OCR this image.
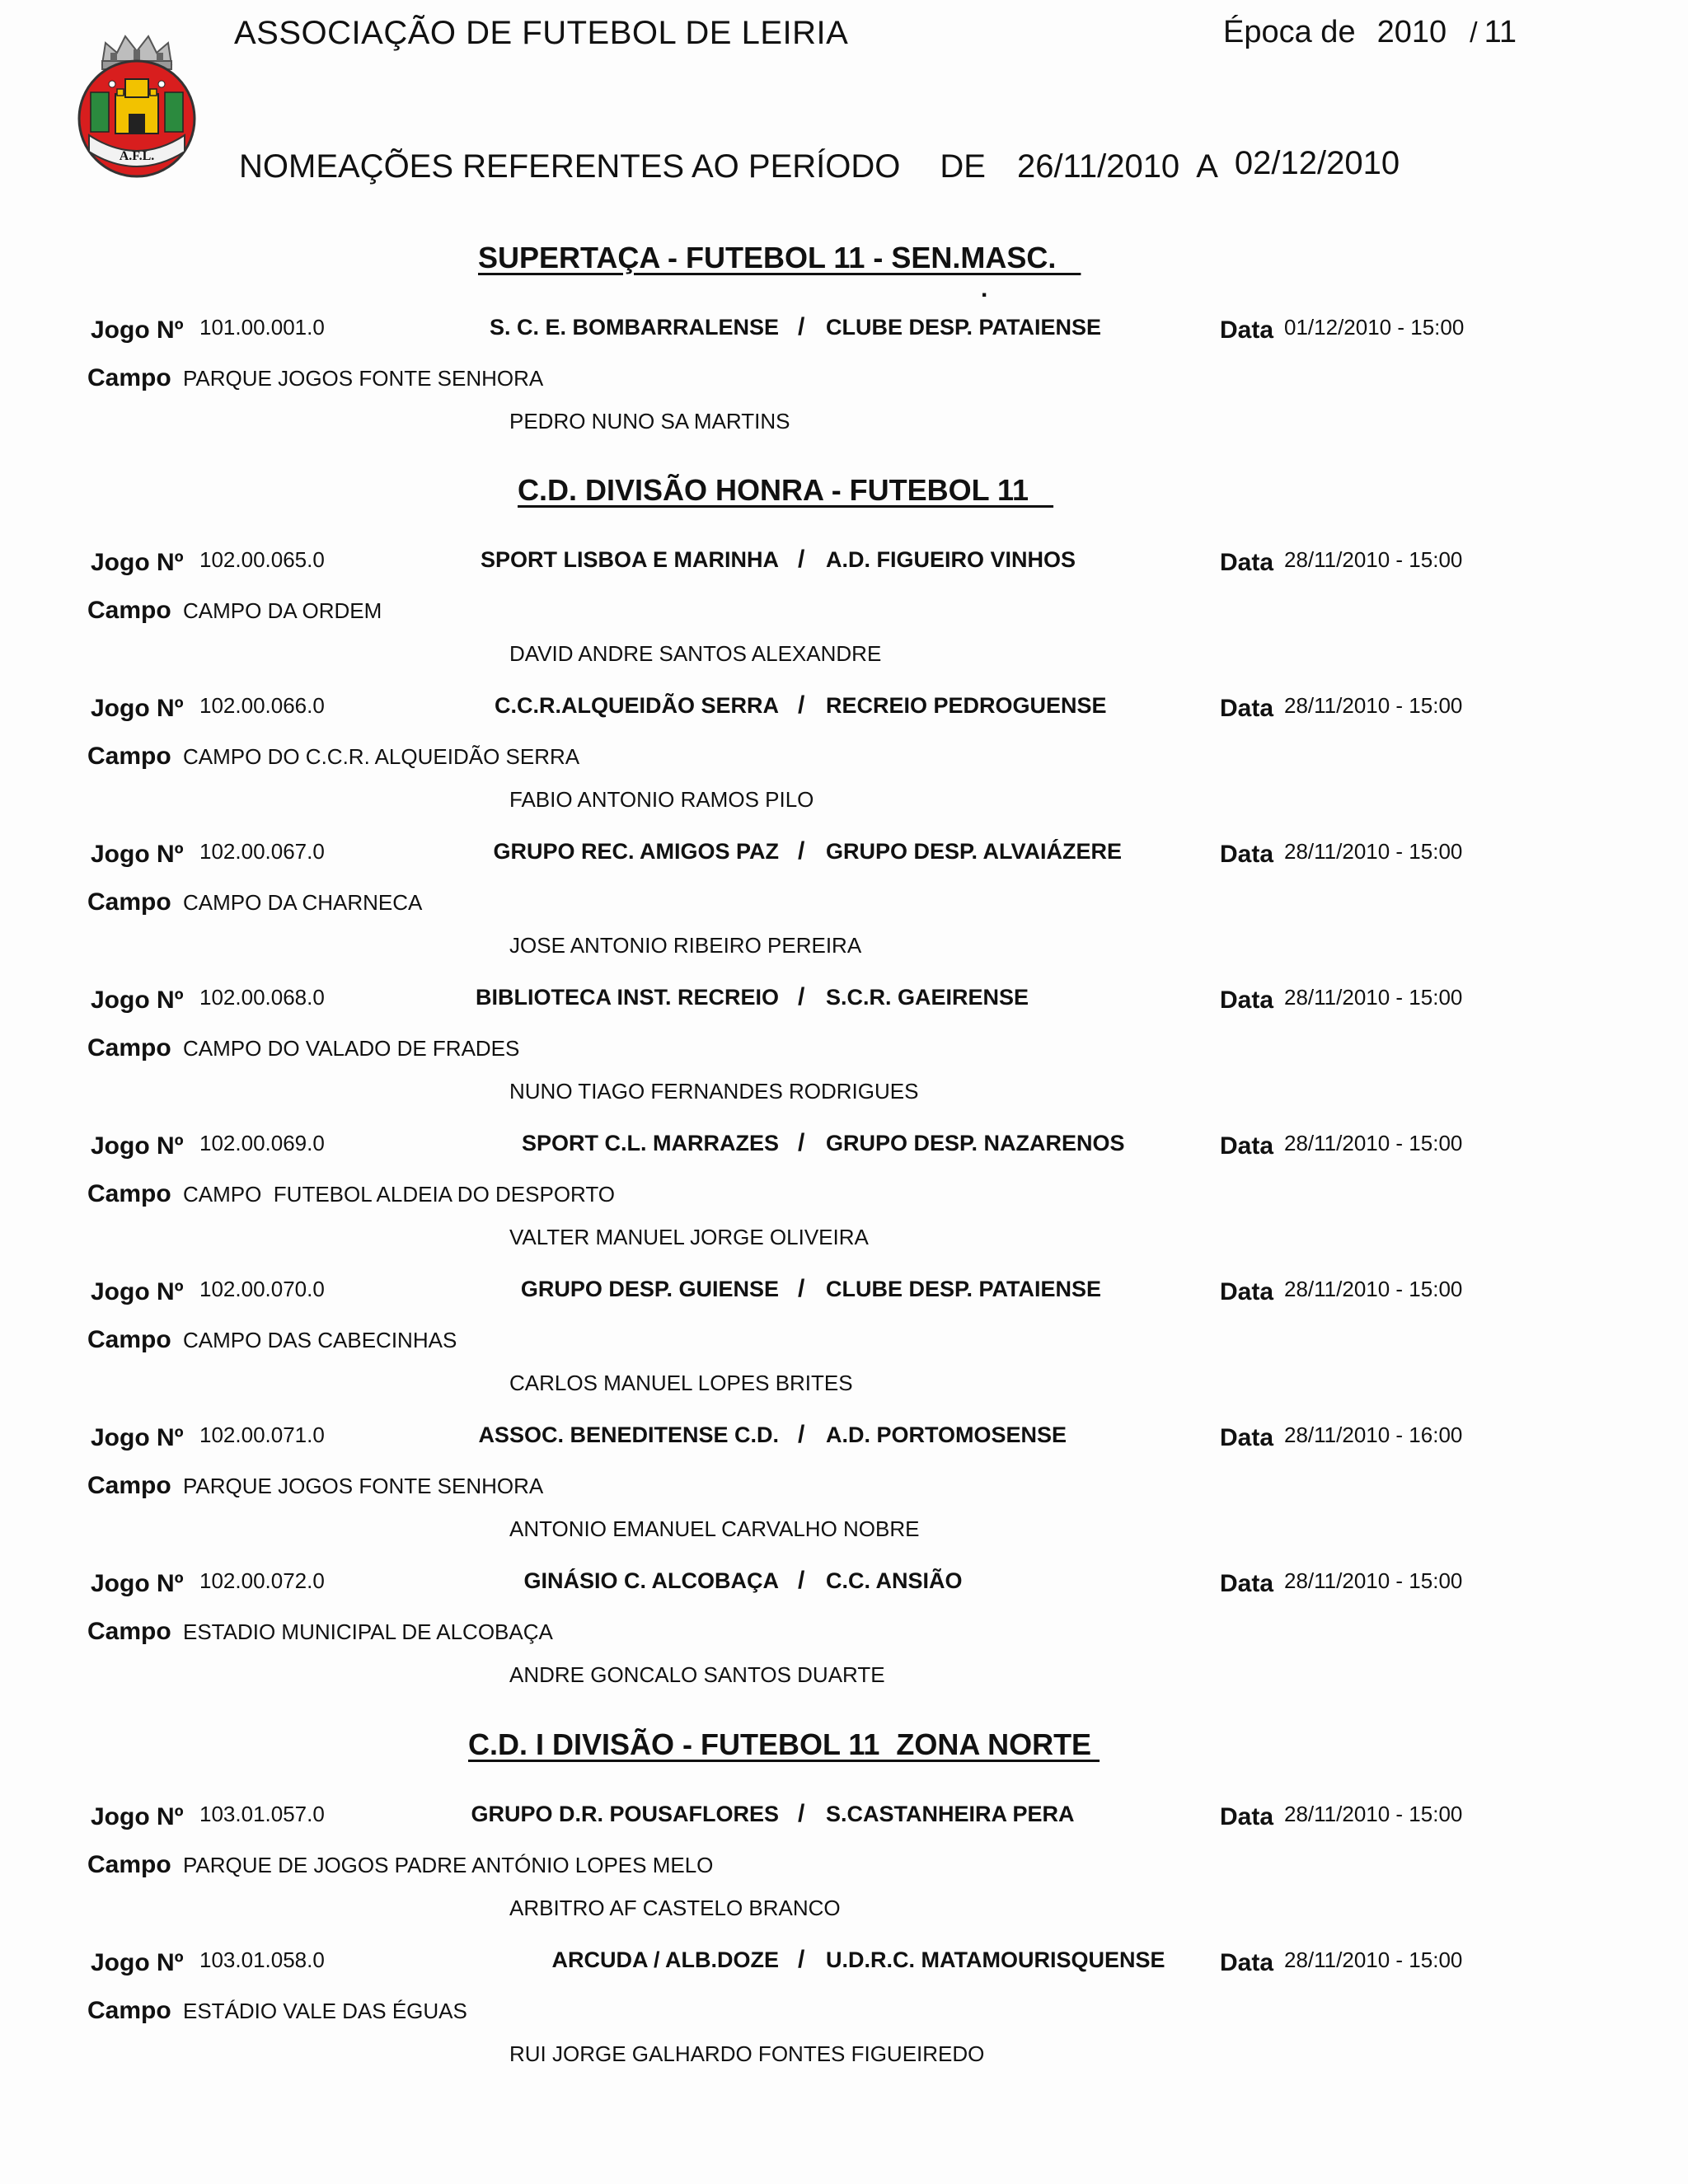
A.F.L.
ASSOCIAÇÃO DE FUTEBOL DE LEIRIA	Época de 2010 / 11
NOMEAÇÕES REFERENTES AO PERÍODO DE 26/11/2010 A 02/12/2010
SUPERTAÇA - FUTEBOL 11 - SEN.MASC.
.
Jogo Nº 101.00.001.0	S. C. E. BOMBARRALENSE / CLUBE DESP. PATAIENSE	Data 01/12/2010 - 15:00
Campo PARQUE JOGOS FONTE SENHORA
PEDRO NUNO SA MARTINS
C.D. DIVISÃO HONRA - FUTEBOL 11
Jogo Nº 102.00.065.0	SPORT LISBOA E MARINHA / A.D. FIGUEIRO VINHOS	Data 28/11/2010 - 15:00
Campo CAMPO DA ORDEM
DAVID ANDRE SANTOS ALEXANDRE
Jogo Nº 102.00.066.0	C.C.R.ALQUEIDÃO SERRA / RECREIO PEDROGUENSE	Data 28/11/2010 - 15:00
Campo CAMPO DO C.C.R. ALQUEIDÃO SERRA
FABIO ANTONIO RAMOS PILO
Jogo Nº 102.00.067.0	GRUPO REC. AMIGOS PAZ / GRUPO DESP. ALVAIÁZERE	Data 28/11/2010 - 15:00
Campo CAMPO DA CHARNECA
JOSE ANTONIO RIBEIRO PEREIRA
Jogo Nº 102.00.068.0	BIBLIOTECA INST. RECREIO / S.C.R. GAEIRENSE	Data 28/11/2010 - 15:00
Campo CAMPO DO VALADO DE FRADES
NUNO TIAGO FERNANDES RODRIGUES
Jogo Nº 102.00.069.0	SPORT C.L. MARRAZES / GRUPO DESP. NAZARENOS	Data 28/11/2010 - 15:00
Campo CAMPO  FUTEBOL ALDEIA DO DESPORTO
VALTER MANUEL JORGE OLIVEIRA
Jogo Nº 102.00.070.0	GRUPO DESP. GUIENSE / CLUBE DESP. PATAIENSE	Data 28/11/2010 - 15:00
Campo CAMPO DAS CABECINHAS
CARLOS MANUEL LOPES BRITES
Jogo Nº 102.00.071.0	ASSOC. BENEDITENSE C.D. / A.D. PORTOMOSENSE	Data 28/11/2010 - 16:00
Campo PARQUE JOGOS FONTE SENHORA
ANTONIO EMANUEL CARVALHO NOBRE
Jogo Nº 102.00.072.0	GINÁSIO C. ALCOBAÇA / C.C. ANSIÃO	Data 28/11/2010 - 15:00
Campo ESTADIO MUNICIPAL DE ALCOBAÇA
ANDRE GONCALO SANTOS DUARTE
C.D. I DIVISÃO - FUTEBOL 11  ZONA NORTE
Jogo Nº 103.01.057.0	GRUPO D.R. POUSAFLORES / S.CASTANHEIRA PERA	Data 28/11/2010 - 15:00
Campo PARQUE DE JOGOS PADRE ANTÓNIO LOPES MELO
ARBITRO AF CASTELO BRANCO
Jogo Nº 103.01.058.0	ARCUDA / ALB.DOZE / U.D.R.C. MATAMOURISQUENSE Data 28/11/2010 - 15:00
Campo ESTÁDIO VALE DAS ÉGUAS
RUI JORGE GALHARDO FONTES FIGUEIREDO
